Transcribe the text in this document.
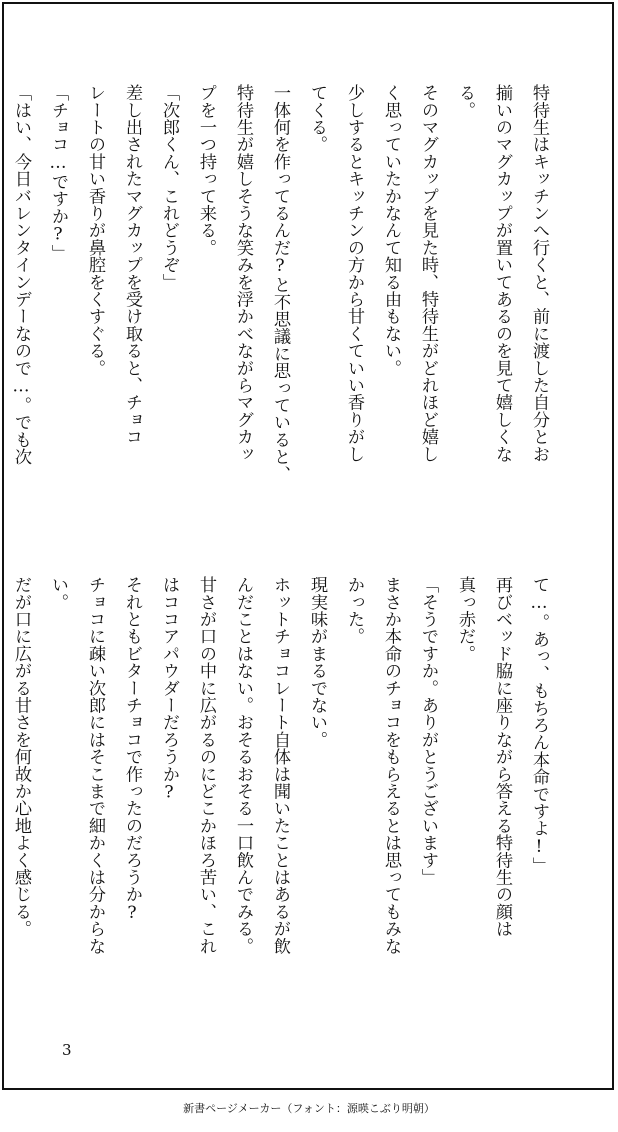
特待生はキッチンへ行くと、前に渡した自分とお
揃いのマグカップが置いてあるのを見て嬉しくな
る。
そのマグカップを見た時、特待生がどれほど嬉し
く思っていたかなんて知る由もない。
少しするとキッチンの方から甘くていい香りがし
てくる。
一体何を作ってるんだ?と不思議に思っていると、
特待生が嬉しそうな笑みを浮かべながらマグカッ
プを一つ持って来る。
「次郎くん、これどうぞ」
差し出されたマグカップを受け取ると、チョコ
レートの甘い香りが鼻腔をくすぐる。
「チョコ…ですか?」
「はい、今日バレンタインデーなので…。でも次
て…。あっ、もちろん本命ですよ!」
再びベッド脇に座りながら答える特待生の顔は
真っ赤だ。
「そうですか。ありがとうございます」
まさか本命のチョコをもらえるとは思ってもみな
かった。
現実味がまるでない。
ホットチョコレート自体は聞いたことはあるが飲
んだことはない。おそるおそる一口飲んでみる。
甘さが口の中に広がるのにどこかほろ苦い、これ
はココアパウダーだろうか?
それともビターチョコで作ったのだろうか?
チョコに疎い次郎にはそこまで細かくは分からな
い。
だが口に広がる甘さを何故か心地よく感じる。
3
新書ページメーカー（フォント：源暎こぶり明朝）
